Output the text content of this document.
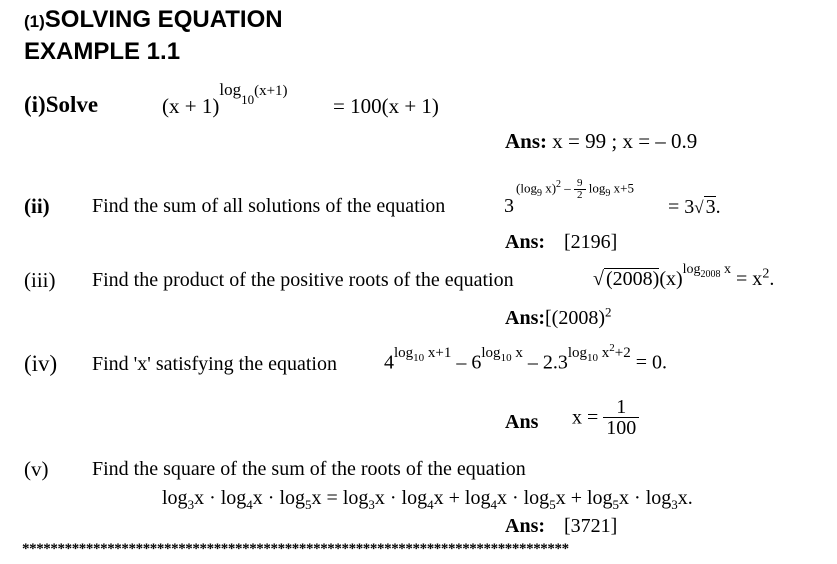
(1)SOLVING EQUATION
EXAMPLE 1.1
(i)Solve	$(x + 1)^{log_{10}(x+1)}$
= 100(x + 1)
Ans: x = 99 ; x = – 0.9
(ii) Find the sum of all solutions of the equation	3
($\log_9$ $x)^2 - \frac{9}{2} \log_9 x+5$
= 3√ 3.
Ans: [2196]
(iii) Find the product of the positive roots of the equation	√ $(2008)(x)^{log_{2008} x} = x^2$.
$Ans:[(2008)^2$
(iv) Find 'x' satisfying the equation $4^{log_{10} x+1} - 6^{log_{10} x} - 2.3^{log_{10} x^2+2} = 0$.
Ans $x = \frac{1}{100}$
(v) Find the square of the sum of the roots of the equation
$\log_3x \cdot \log_4x \cdot \log_5x = \log_3x \cdot \log_4x + \log_4x \cdot \log_5x + \log_5x \cdot \log_3x$.
Ans: [3721]
*****************************************************************************
